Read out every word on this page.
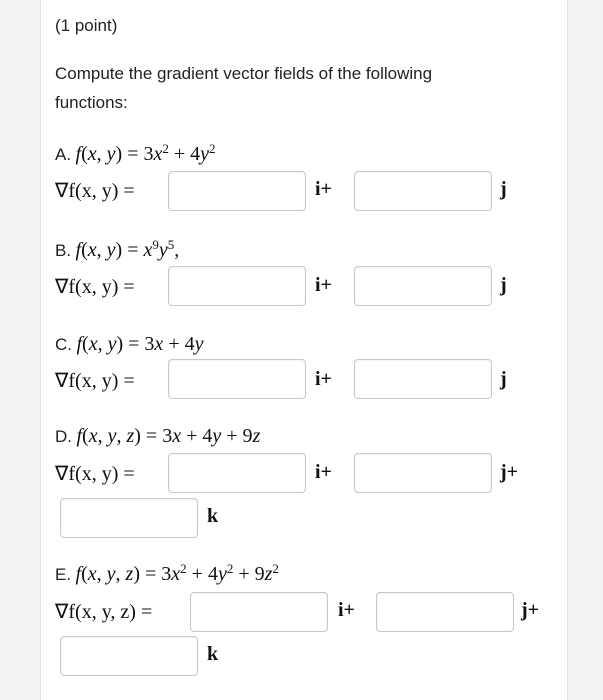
(1 point)
Compute the gradient vector fields of the following
functions:
A. f(x, $y) = 3x^2 + 4y^2$
∇f(x, y) =	i+	j
B. f(x, $y) = x^9y^5$,
∇f(x, y) =	i+	j
C. f(x, y) = 3x + 4y
∇f(x, y) =	i+	j
D. f(x, y, z) = 3x + 4y + 9z
∇f(x, y) =	i+	j+
k
E. f(x, y, $z) = 3x^2 + 4y^2 + 9z^2$
∇f(x, y, z) =	i+	j+
k
